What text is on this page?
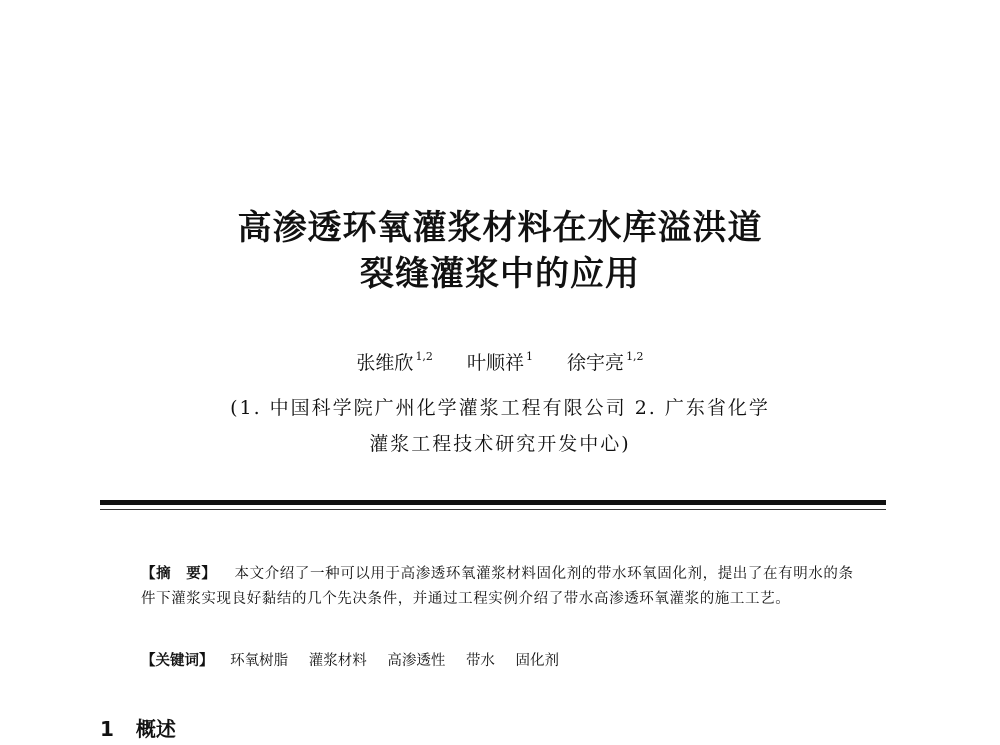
高渗透环氧灌浆材料在水库溢洪道
裂缝灌浆中的应用
张维欣 $^{1,2}$ 叶顺祥 $^1$ 徐宇亮 $^{1,2}$
(1. 中国科学院广州化学灌浆工程有限公司 2. 广东省化学
灌浆工程技术研究开发中心)
【摘　要】 本文介绍了一种可以用于高渗透环氧灌浆材料固化剂的带水环氧固化剂，提出了在有明水的条件下灌浆实现良好黏结的几个先决条件，并通过工程实例介绍了带水高渗透环氧灌浆的施工工艺。
【关键词】 环氧树脂 灌浆材料 高渗透性 带水 固化剂
1 概述
